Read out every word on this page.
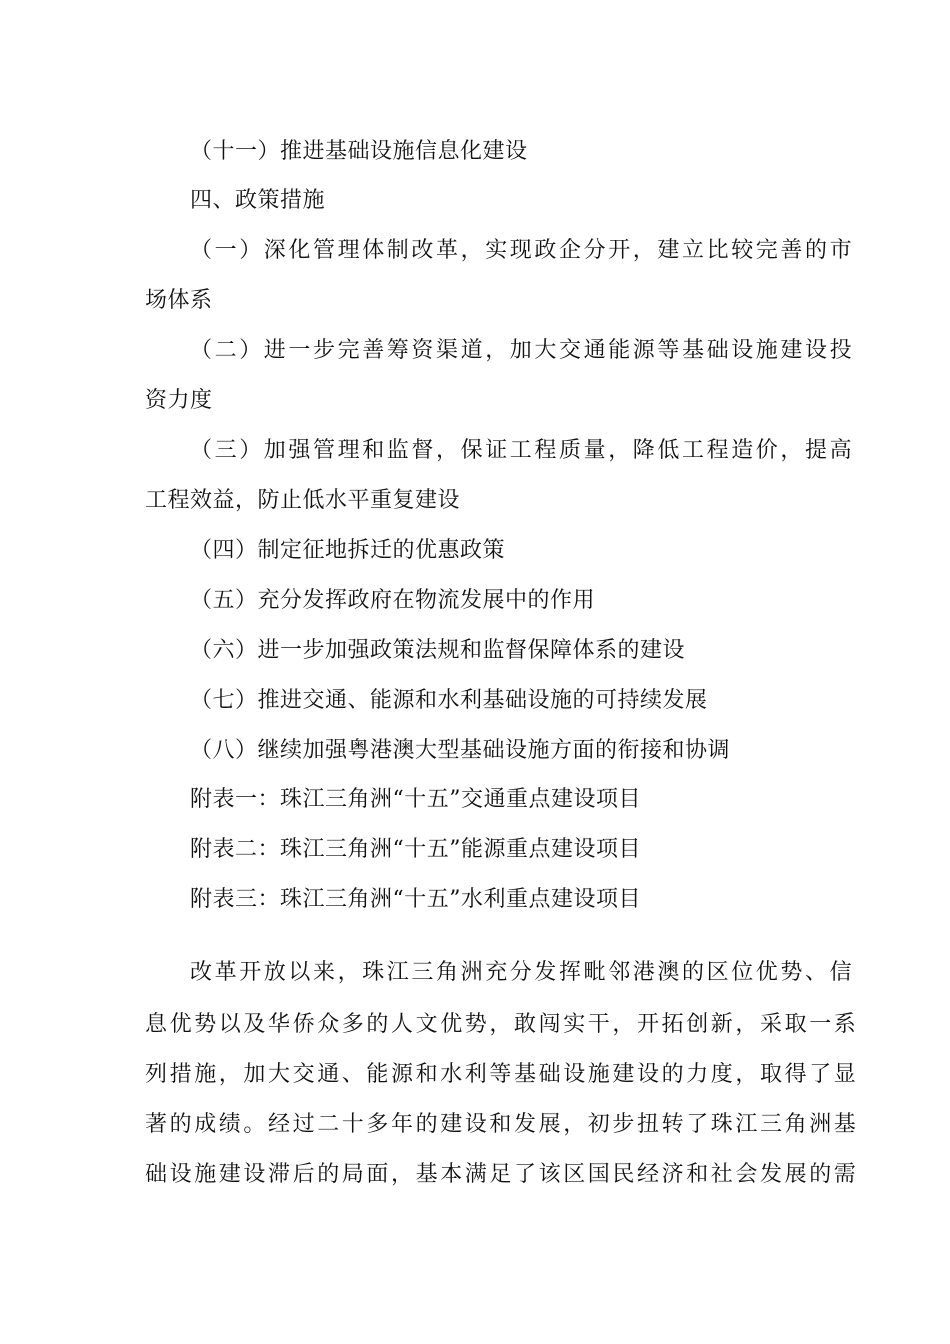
（十一）推进基础设施信息化建设
四、政策措施
（一）深化管理体制改革，实现政企分开，建立比较完善的市
场体系
（二）进一步完善筹资渠道，加大交通能源等基础设施建设投
资力度
（三）加强管理和监督，保证工程质量，降低工程造价，提高
工程效益，防止低水平重复建设
（四）制定征地拆迁的优惠政策
（五）充分发挥政府在物流发展中的作用
（六）进一步加强政策法规和监督保障体系的建设
（七）推进交通、能源和水利基础设施的可持续发展
（八）继续加强粤港澳大型基础设施方面的衔接和协调
附表一：珠江三角洲“十五”交通重点建设项目
附表二：珠江三角洲“十五”能源重点建设项目
附表三：珠江三角洲“十五”水利重点建设项目
改革开放以来，珠江三角洲充分发挥毗邻港澳的区位优势、信
息优势以及华侨众多的人文优势，敢闯实干，开拓创新，采取一系
列措施，加大交通、能源和水利等基础设施建设的力度，取得了显
著的成绩。经过二十多年的建设和发展，初步扭转了珠江三角洲基
础设施建设滞后的局面，基本满足了该区国民经济和社会发展的需
